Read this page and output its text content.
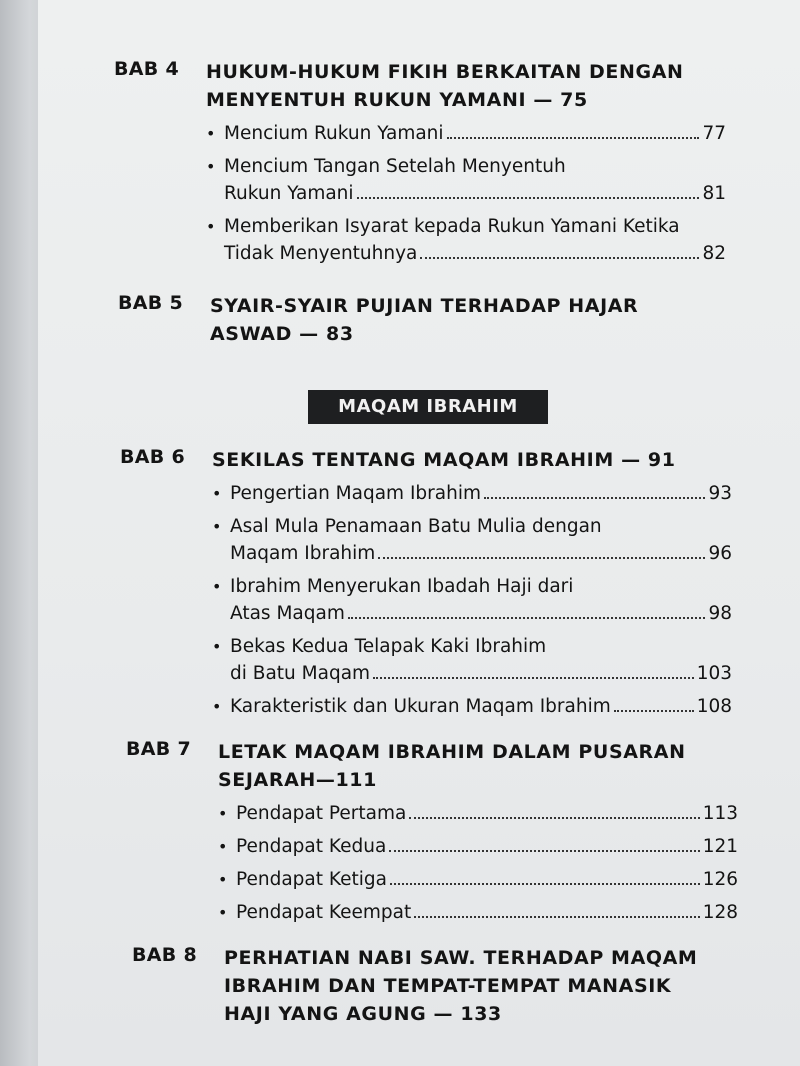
BAB 4	HUKUM-HUKUM FIKIH BERKAITAN DENGAN MENYENTUH RUKUN YAMANI — 75
• Mencium Rukun Yamani	77
• Mencium Tangan Setelah Menyentuh
Rukun Yamani	81
• Memberikan Isyarat kepada Rukun Yamani Ketika
Tidak Menyentuhnya	82
BAB 5	SYAIR-SYAIR PUJIAN TERHADAP HAJAR ASWAD — 83
MAQAM IBRAHIM
BAB 6	SEKILAS TENTANG MAQAM IBRAHIM — 91
• Pengertian Maqam Ibrahim	93
• Asal Mula Penamaan Batu Mulia dengan
Maqam Ibrahim	96
• Ibrahim Menyerukan Ibadah Haji dari
Atas Maqam	98
• Bekas Kedua Telapak Kaki Ibrahim
di Batu Maqam	103
• Karakteristik dan Ukuran Maqam Ibrahim	108
BAB 7	LETAK MAQAM IBRAHIM DALAM PUSARAN SEJARAH—111
• Pendapat Pertama	113
• Pendapat Kedua	121
• Pendapat Ketiga	126
• Pendapat Keempat	128
BAB 8	PERHATIAN NABI SAW. TERHADAP MAQAM IBRAHIM DAN TEMPAT-TEMPAT MANASIK HAJI YANG AGUNG — 133
